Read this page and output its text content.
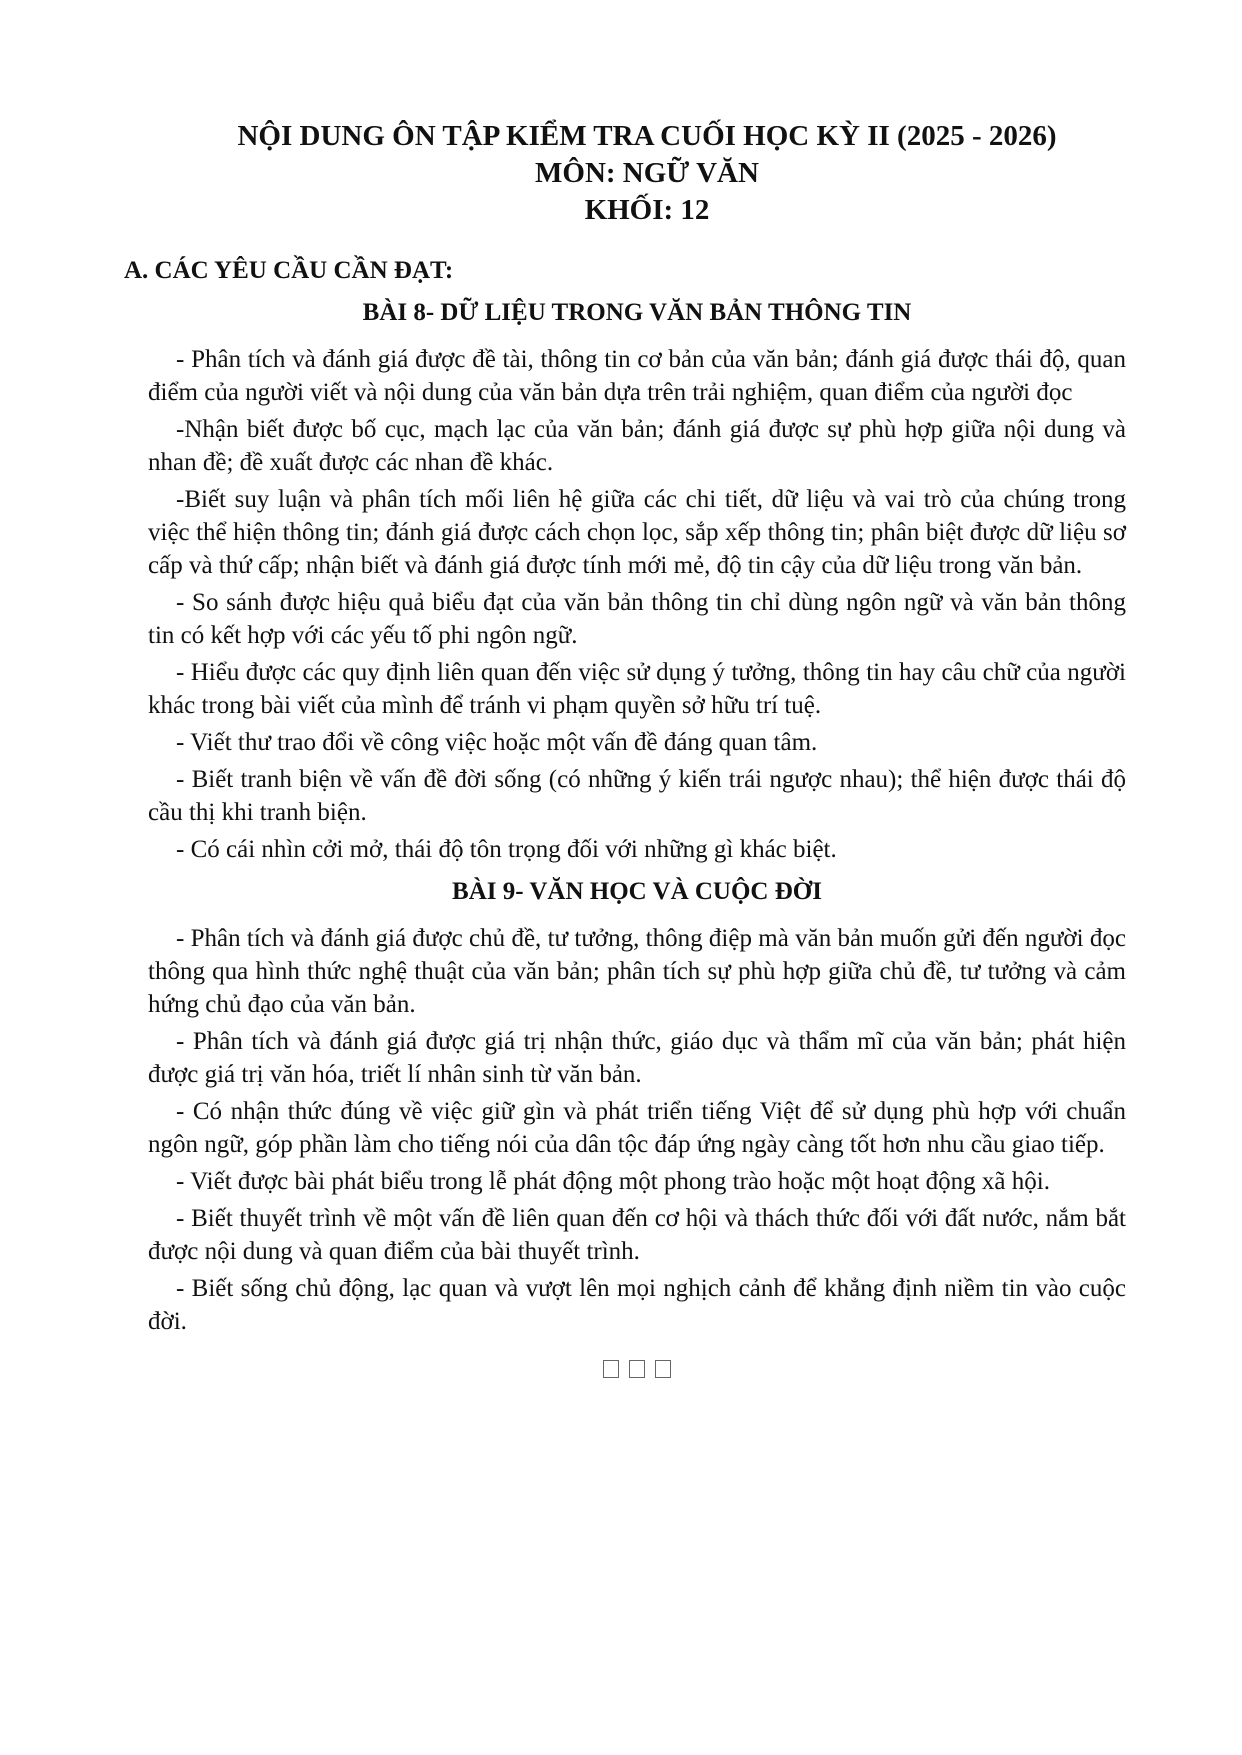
NỘI DUNG ÔN TẬP KIỂM TRA CUỐI HỌC KỲ II (2025 - 2026)
MÔN: NGỮ VĂN
KHỐI: 12
A. CÁC YÊU CẦU CẦN ĐẠT:
BÀI 8- DỮ LIỆU TRONG VĂN BẢN THÔNG TIN

- Phân tích và đánh giá được đề tài, thông tin cơ bản của văn bản; đánh giá được thái độ, quan điểm của người viết và nội dung của văn bản dựa trên trải nghiệm, quan điểm của người đọc

-Nhận biết được bố cục, mạch lạc của văn bản; đánh giá được sự phù hợp giữa nội dung và nhan đề; đề xuất được các nhan đề khác.

-Biết suy luận và phân tích mối liên hệ giữa các chi tiết, dữ liệu và vai trò của chúng trong việc thể hiện thông tin; đánh giá được cách chọn lọc, sắp xếp thông tin; phân biệt được dữ liệu sơ cấp và thứ cấp; nhận biết và đánh giá được tính mới mẻ, độ tin cậy của dữ liệu trong văn bản.

- So sánh được hiệu quả biểu đạt của văn bản thông tin chỉ dùng ngôn ngữ và văn bản thông tin có kết hợp với các yếu tố phi ngôn ngữ.

- Hiểu được các quy định liên quan đến việc sử dụng ý tưởng, thông tin hay câu chữ của người khác trong bài viết của mình để tránh vi phạm quyền sở hữu trí tuệ.

- Viết thư trao đổi về công việc hoặc một vấn đề đáng quan tâm.

- Biết tranh biện về vấn đề đời sống (có những ý kiến trái ngược nhau); thể hiện được thái độ cầu thị khi tranh biện.

- Có cái nhìn cởi mở, thái độ tôn trọng đối với những gì khác biệt.

BÀI 9- VĂN HỌC VÀ CUỘC ĐỜI

- Phân tích và đánh giá được chủ đề, tư tưởng, thông điệp mà văn bản muốn gửi đến người đọc thông qua hình thức nghệ thuật của văn bản; phân tích sự phù hợp giữa chủ đề, tư tưởng và cảm hứng chủ đạo của văn bản.

- Phân tích và đánh giá được giá trị nhận thức, giáo dục và thẩm mĩ của văn bản; phát hiện được giá trị văn hóa, triết lí nhân sinh từ văn bản.

- Có nhận thức đúng về việc giữ gìn và phát triển tiếng Việt để sử dụng phù hợp với chuẩn ngôn ngữ, góp phần làm cho tiếng nói của dân tộc đáp ứng ngày càng tốt hơn nhu cầu giao tiếp.

- Viết được bài phát biểu trong lễ phát động một phong trào hoặc một hoạt động xã hội.

- Biết thuyết trình về một vấn đề liên quan đến cơ hội và thách thức đối với đất nước, nắm bắt được nội dung và quan điểm của bài thuyết trình.

- Biết sống chủ động, lạc quan và vượt lên mọi nghịch cảnh để khẳng định niềm tin vào cuộc đời.
